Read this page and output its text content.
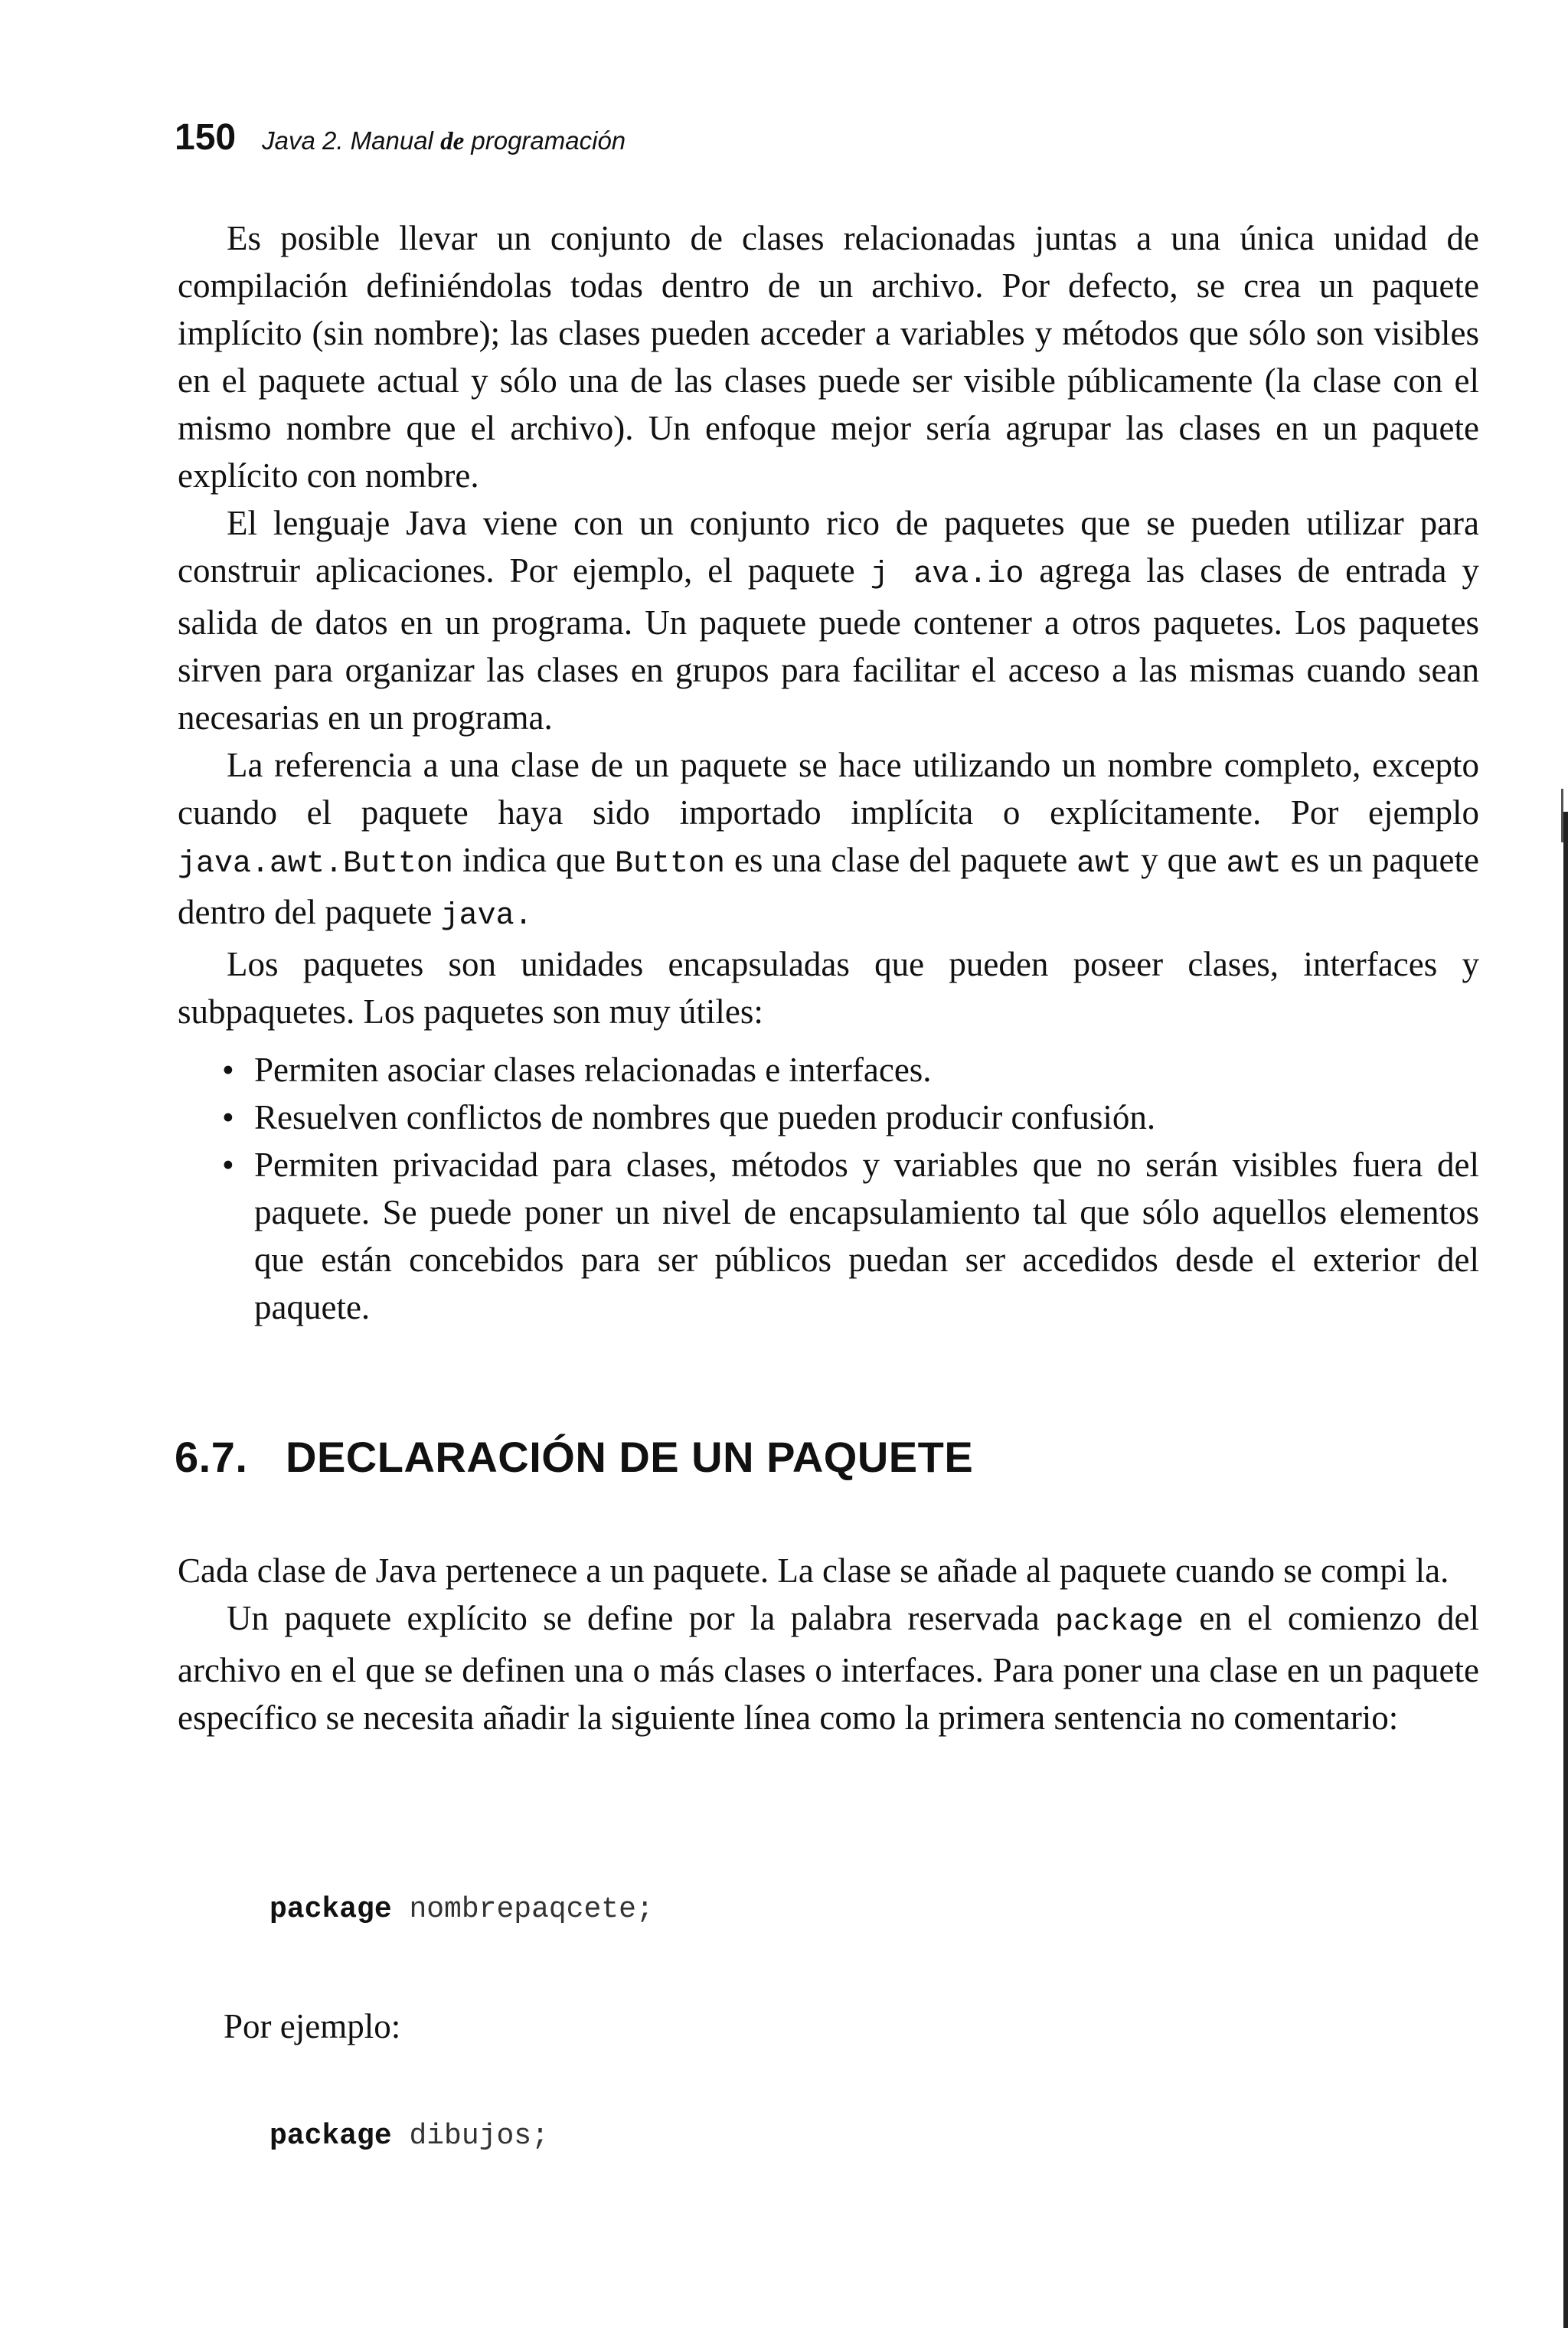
150 Java 2. Manual de programación

Es posible llevar un conjunto de clases relacionadas juntas a una única unidad de compilación definiéndolas todas dentro de un archivo. Por defecto, se crea un paquete implícito (sin nombre); las clases pueden acceder a variables y métodos que sólo son visibles en el paquete actual y sólo una de las clases puede ser visible públicamente (la clase con el mismo nombre que el archivo). Un enfoque mejor sería agrupar las clases en un paquete explícito con nombre.

El lenguaje Java viene con un conjunto rico de paquetes que se pueden utilizar para construir aplicaciones. Por ejemplo, el paquete j ava.io agrega las clases de entrada y salida de datos en un programa. Un paquete puede contener a otros paquetes. Los paquetes sirven para organizar las clases en grupos para facilitar el acceso a las mismas cuando sean necesarias en un programa.

La referencia a una clase de un paquete se hace utilizando un nombre completo, excepto cuando el paquete haya sido importado implícita o explícitamente. Por ejemplo java.awt.Button indica que Button es una clase del paquete awt y que awt es un paquete dentro del paquete java.

Los paquetes son unidades encapsuladas que pueden poseer clases, interfaces y subpaquetes. Los paquetes son muy útiles:

• Permiten asociar clases relacionadas e interfaces.
• Resuelven conflictos de nombres que pueden producir confusión.
• Permiten privacidad para clases, métodos y variables que no serán visibles fuera del paquete. Se puede poner un nivel de encapsulamiento tal que sólo aquellos elementos que están concebidos para ser públicos puedan ser accedidos desde el exterior del paquete.
6.7. DECLARACIÓN DE UN PAQUETE

Cada clase de Java pertenece a un paquete. La clase se añade al paquete cuando se compi la.

Un paquete explícito se define por la palabra reservada package en el comienzo del archivo en el que se definen una o más clases o interfaces. Para poner una clase en un paquete específico se necesita añadir la siguiente línea como la primera sentencia no comentario:

package nombrepaqcete;
Por ejemplo:
package dibujos;
